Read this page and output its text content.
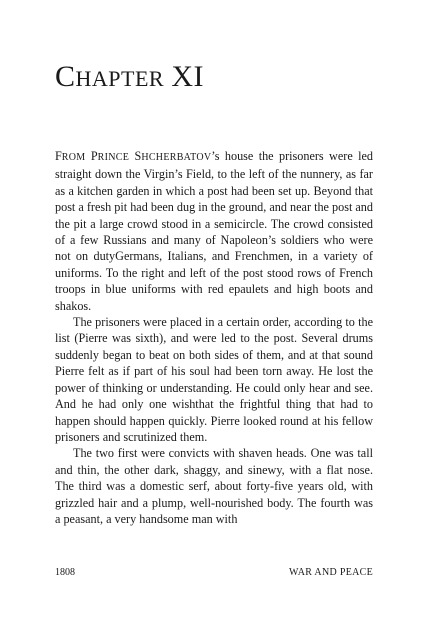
CHAPTER XI

FROM PRINCE SHCHERBATOV’s house the prisoners were led straight down the Virgin’s Field, to the left of the nunnery, as far as a kitchen garden in which a post had been set up. Beyond that post a fresh pit had been dug in the ground, and near the post and the pit a large crowd stood in a semicircle. The crowd consisted of a few Russians and many of Napoleon’s soldiers who were not on dutyGermans, Italians, and Frenchmen, in a variety of uniforms. To the right and left of the post stood rows of French troops in blue uniforms with red epaulets and high boots and shakos.

The prisoners were placed in a certain order, according to the list (Pierre was sixth), and were led to the post. Several drums suddenly began to beat on both sides of them, and at that sound Pierre felt as if part of his soul had been torn away. He lost the power of thinking or understanding. He could only hear and see. And he had only one wishthat the frightful thing that had to happen should happen quickly. Pierre looked round at his fellow prisoners and scrutinized them.

The two first were convicts with shaven heads. One was tall and thin, the other dark, shaggy, and sinewy, with a flat nose. The third was a domestic serf, about forty-five years old, with grizzled hair and a plump, well-nourished body. The fourth was a peasant, a very handsome man with

1808	WAR AND PEACE
